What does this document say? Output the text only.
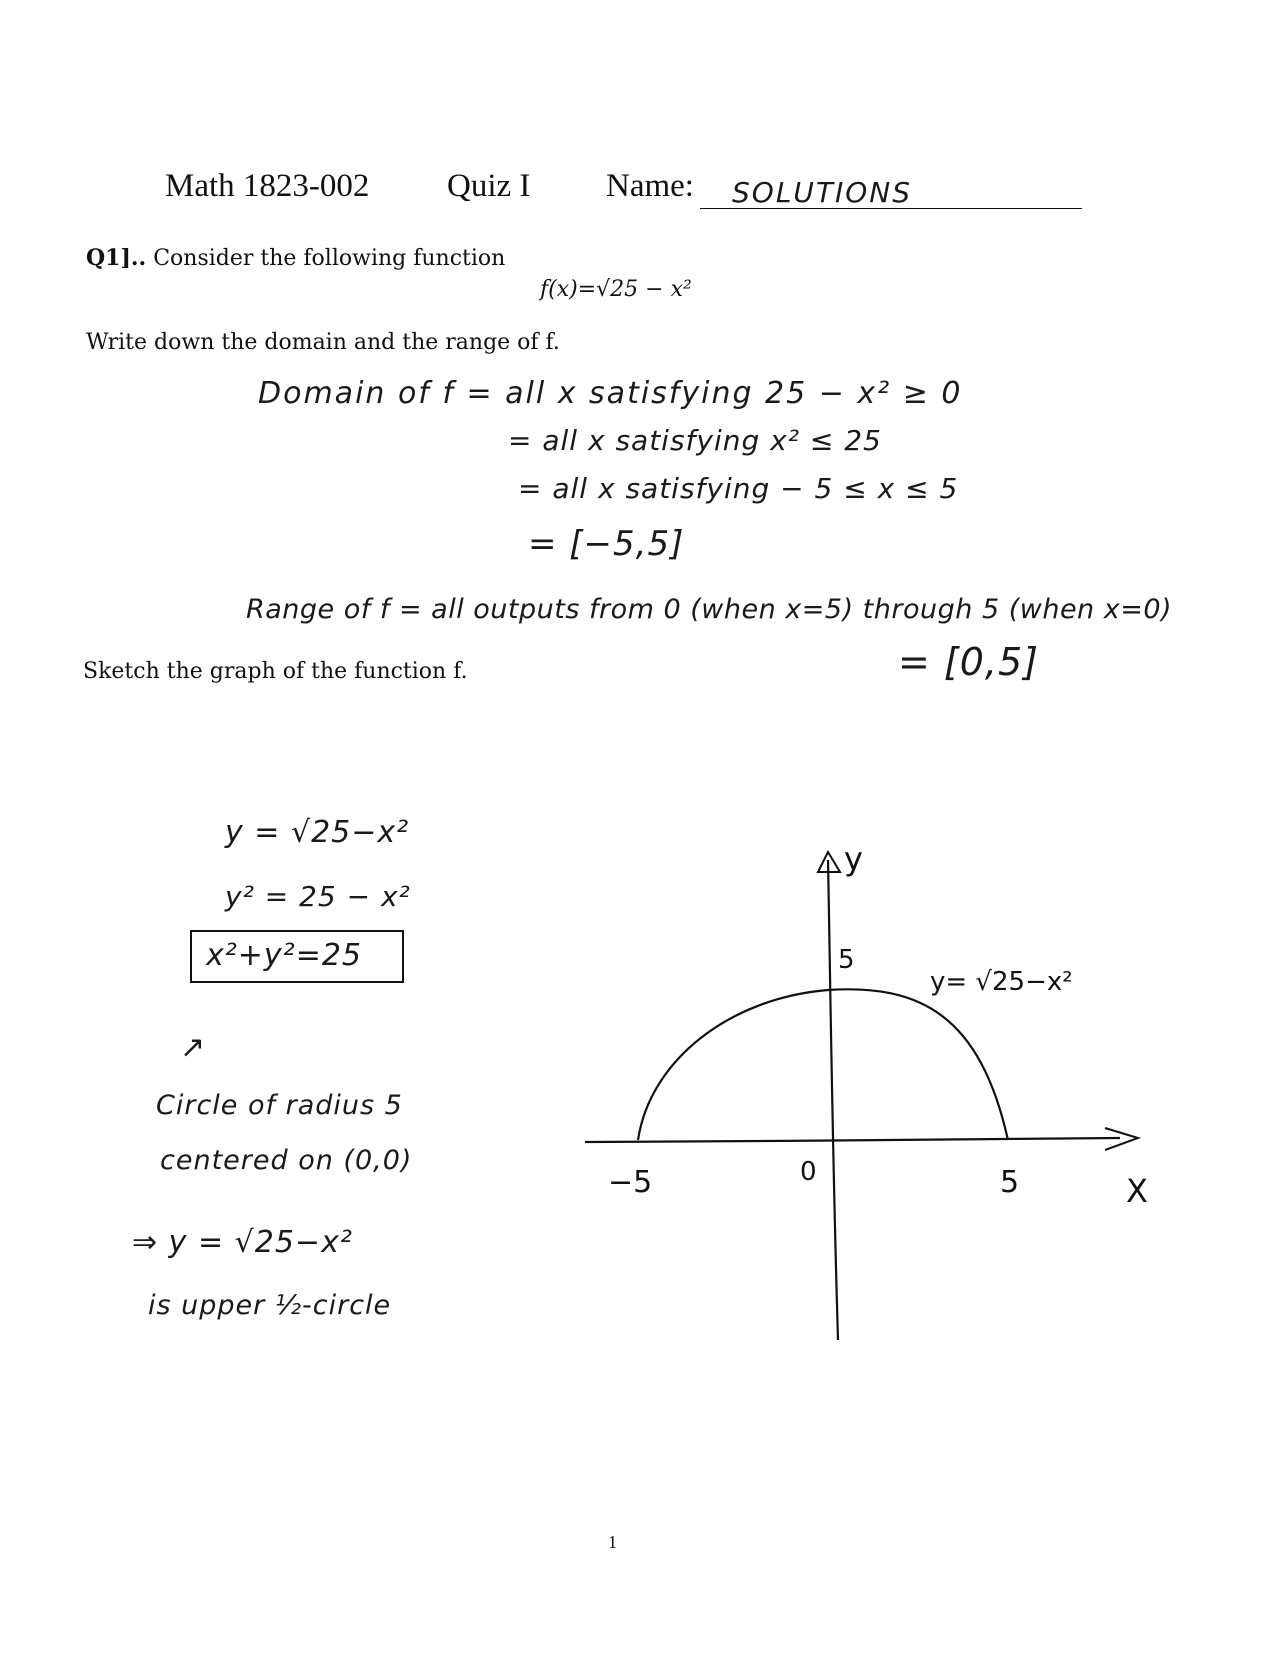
Math 1823-002 Quiz I Name: SOLUTIONS
Q1].. Consider the following function
f(x)=√25 − x²
Write down the domain and the range of f.
Domain of f = all x satisfying 25 − x² ≥ 0
= all x satisfying x² ≤ 25
= all x satisfying − 5 ≤ x ≤ 5
= [−5,5]
Range of f = all outputs from 0 (when x=5) through 5 (when x=0)
= [0,5]
Sketch the graph of the function f.
y = √25−x²
y² = 25 − x²
x²+y²=25
↗
Circle of radius 5
centered on (0,0)
⇒ y = √25−x²
is upper ½-circle
y
5
y= √25−x²
−5	0	5	X
1
